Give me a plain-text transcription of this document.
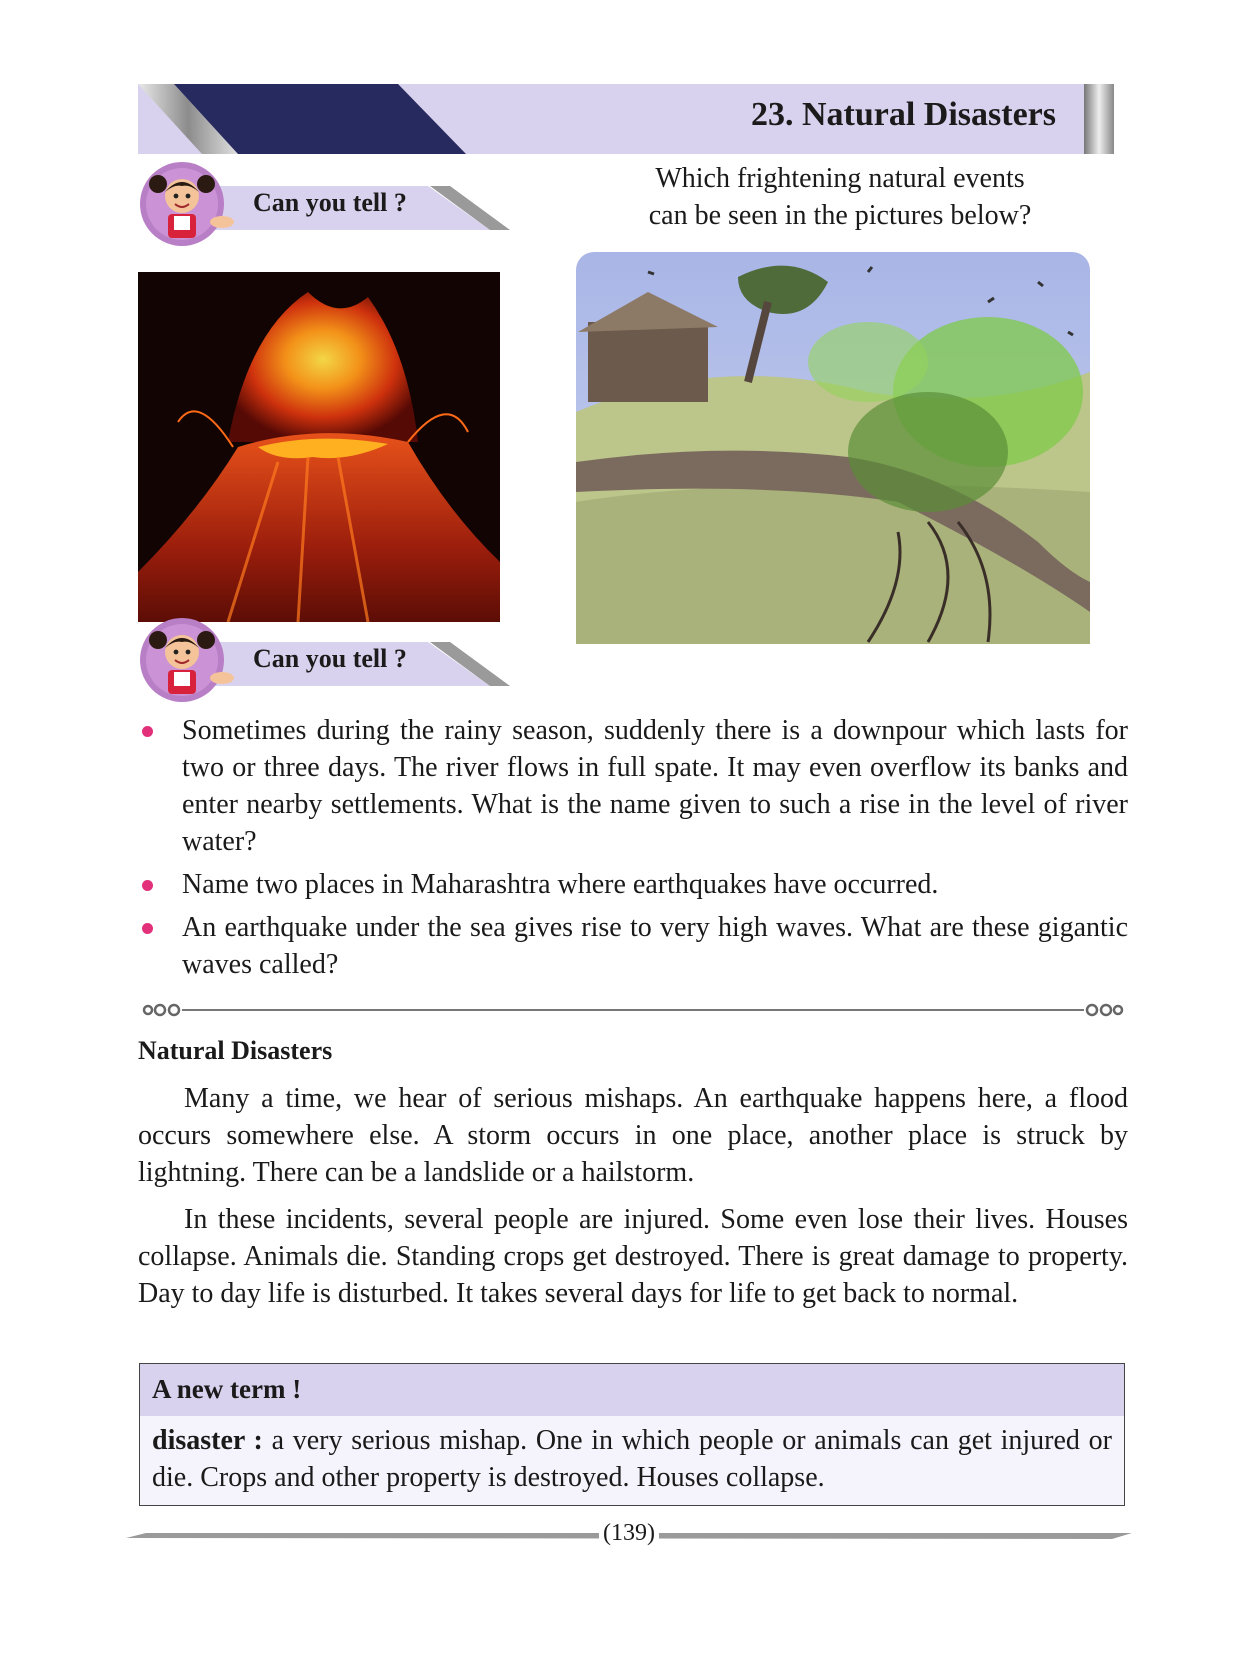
23. Natural Disasters
Can you tell ?
Which frightening natural events
can be seen in the pictures below?
Can you tell ?
Sometimes during the rainy season, suddenly there is a downpour which lasts for two or three days. The river flows in full spate. It may even overflow its banks and enter nearby settlements. What is the name given to such a rise in the level of river water?
Name two places in Maharashtra where earthquakes have occurred.
An earthquake under the sea gives rise to very high waves. What are these gigantic waves called?
Natural Disasters
Many a time, we hear of serious mishaps. An earthquake happens here, a flood occurs somewhere else. A storm occurs in one place, another place is struck by lightning. There can be a landslide or a hailstorm.
In these incidents, several people are injured. Some even lose their lives. Houses collapse. Animals die. Standing crops get destroyed. There is great damage to property. Day to day life is disturbed. It takes several days for life to get back to normal.
A new term !
disaster : a very serious mishap. One in which people or animals can get injured or die. Crops and other property is destroyed. Houses collapse.
(139)
